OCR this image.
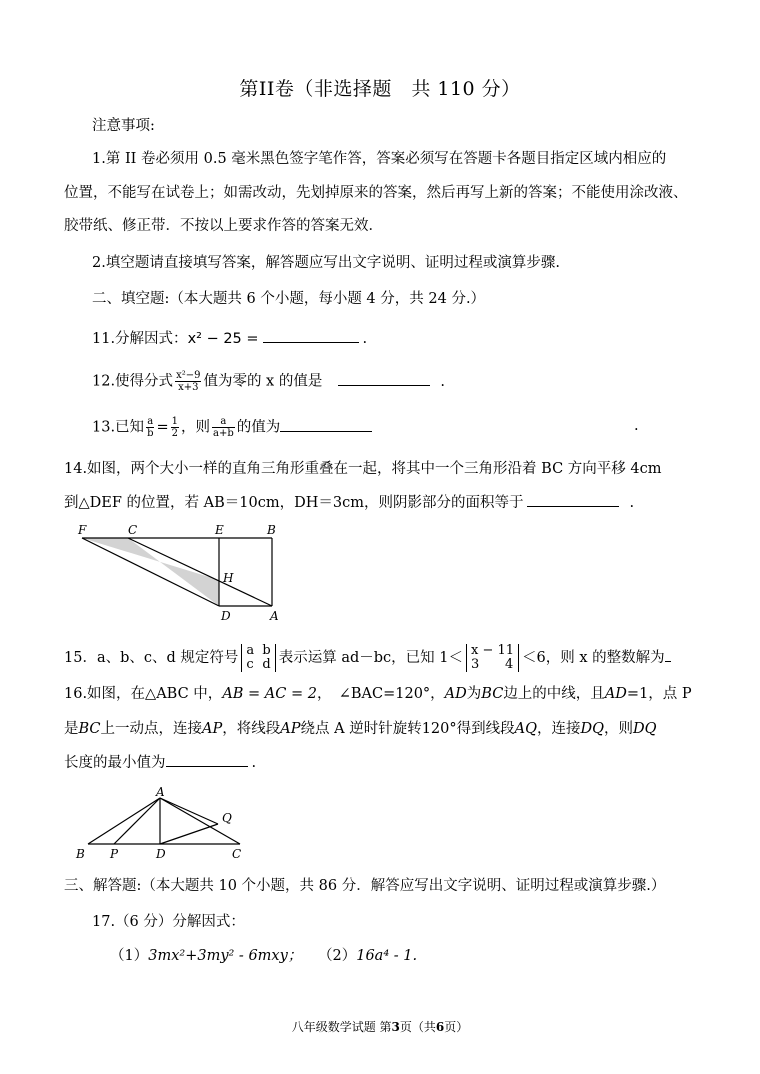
第II卷（非选择题　共 110 分）
注意事项:
1.第 II 卷必须用 0.5 毫米黑色签字笔作答，答案必须写在答题卡各题目指定区域内相应的
位置，不能写在试卷上；如需改动，先划掉原来的答案，然后再写上新的答案；不能使用涂改液、
胶带纸、修正带．不按以上要求作答的答案无效．
2.填空题请直接填写答案，解答题应写出文字说明、证明过程或演算步骤.
二、填空题:（本大题共 6 个小题，每小题 4 分，共 24 分.）
11.分解因式：x² − 25 =	.
12.使得分式 $\frac{\text{x²−9}}{x+3}$ 值为零的 x 的值是	.
13.已知 $\frac{a}{b} = \frac{1}{2}$ ，则 $\frac{a}{a+b}$ 的值为	.
14.如图，两个大小一样的直角三角形重叠在一起，将其中一个三角形沿着 BC 方向平移 4cm
到△DEF 的位置，若 AB＝10cm，DH＝3cm，则阴影部分的面积等于	.
F	C	E	B
H
D	A
15．a、b、c、d 规定符号 a b
c d 表示运算 ad－bc，已知 1＜ x − 11
3 4 ＜6，则 x 的整数解为
16.如图，在△ABC 中，AB = AC = 2，　∠BAC=120°，AD为BC边上的中线，且AD=1，点 P
是BC上一动点，连接AP，将线段AP绕点 A 逆时针旋转120°得到线段AQ，连接DQ，则DQ
长度的最小值为	.
A
Q
B P	D	C
三、解答题:（本大题共 10 个小题，共 86 分．解答应写出文字说明、证明过程或演算步骤.）
17.（6 分）分解因式：
（1）3mx²+3my² - 6mxy； （2）16a⁴ - 1.
八年级数学试题 第3页（共6页）
